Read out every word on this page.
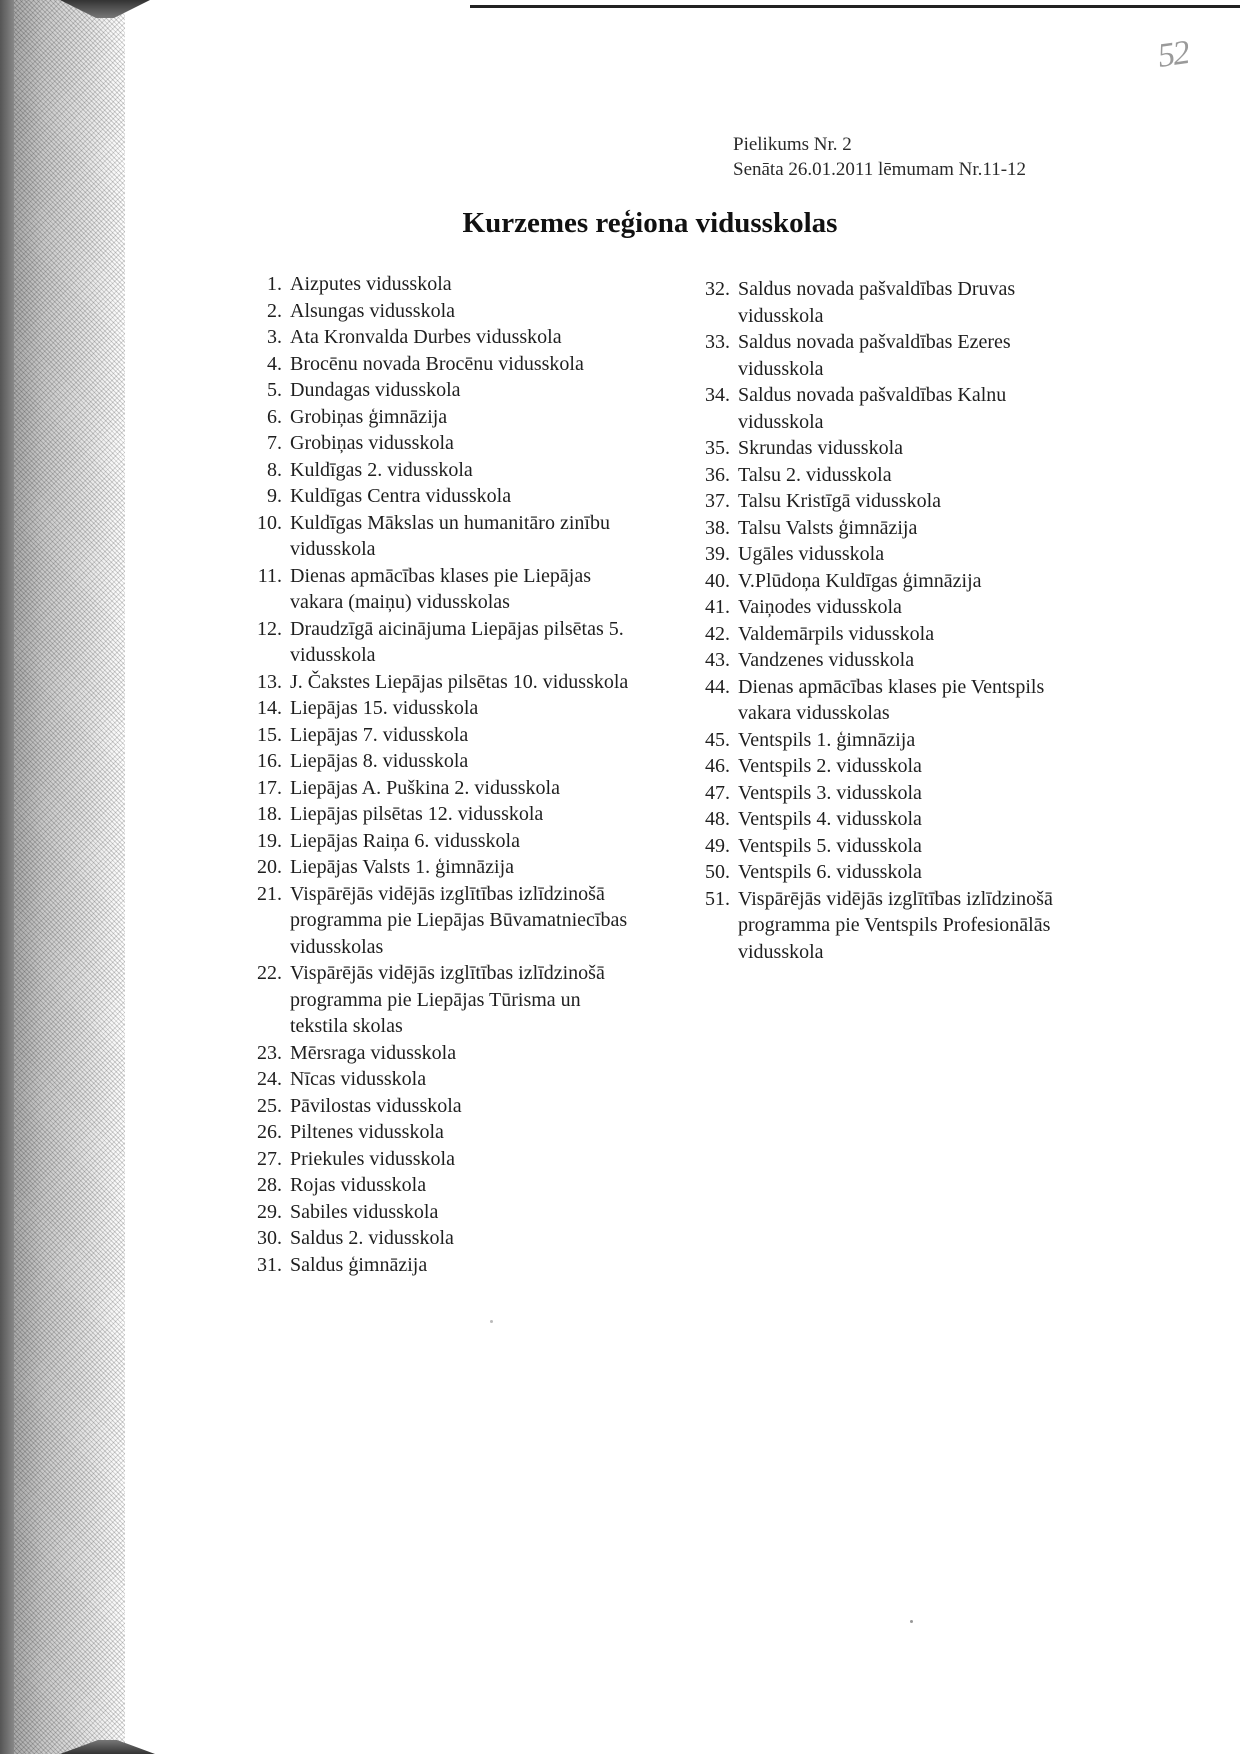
52
Pielikums Nr. 2
Senāta 26.01.2011 lēmumam Nr.11-12
Kurzemes reģiona vidusskolas
1. Aizputes vidusskola
2. Alsungas vidusskola
3. Ata Kronvalda Durbes vidusskola
4. Brocēnu novada Brocēnu vidusskola
5. Dundagas vidusskola
6. Grobiņas ģimnāzija
7. Grobiņas vidusskola
8. Kuldīgas 2. vidusskola
9. Kuldīgas Centra vidusskola
10. Kuldīgas Mākslas un humanitāro zinību vidusskola
11. Dienas apmācības klases pie Liepājas vakara (maiņu) vidusskolas
12. Draudzīgā aicinājuma Liepājas pilsētas 5. vidusskola
13. J. Čakstes Liepājas pilsētas 10. vidusskola
14. Liepājas 15. vidusskola
15. Liepājas 7. vidusskola
16. Liepājas 8. vidusskola
17. Liepājas A. Puškina 2. vidusskola
18. Liepājas pilsētas 12. vidusskola
19. Liepājas Raiņa 6. vidusskola
20. Liepājas Valsts 1. ģimnāzija
21. Vispārējās vidējās izglītības izlīdzinošā programma pie Liepājas Būvamatniecības vidusskolas
22. Vispārējās vidējās izglītības izlīdzinošā programma pie Liepājas Tūrisma un tekstila skolas
23. Mērsraga vidusskola
24. Nīcas vidusskola
25. Pāvilostas vidusskola
26. Piltenes vidusskola
27. Priekules vidusskola
28. Rojas vidusskola
29. Sabiles vidusskola
30. Saldus 2. vidusskola
31. Saldus ģimnāzija
32. Saldus novada pašvaldības Druvas vidusskola
33. Saldus novada pašvaldības Ezeres vidusskola
34. Saldus novada pašvaldības Kalnu vidusskola
35. Skrundas vidusskola
36. Talsu 2. vidusskola
37. Talsu Kristīgā vidusskola
38. Talsu Valsts ģimnāzija
39. Ugāles vidusskola
40. V.Plūdoņa Kuldīgas ģimnāzija
41. Vaiņodes vidusskola
42. Valdemārpils vidusskola
43. Vandzenes vidusskola
44. Dienas apmācības klases pie Ventspils vakara vidusskolas
45. Ventspils 1. ģimnāzija
46. Ventspils 2. vidusskola
47. Ventspils 3. vidusskola
48. Ventspils 4. vidusskola
49. Ventspils 5. vidusskola
50. Ventspils 6. vidusskola
51. Vispārējās vidējās izglītības izlīdzinošā programma pie Ventspils Profesionālās vidusskola
